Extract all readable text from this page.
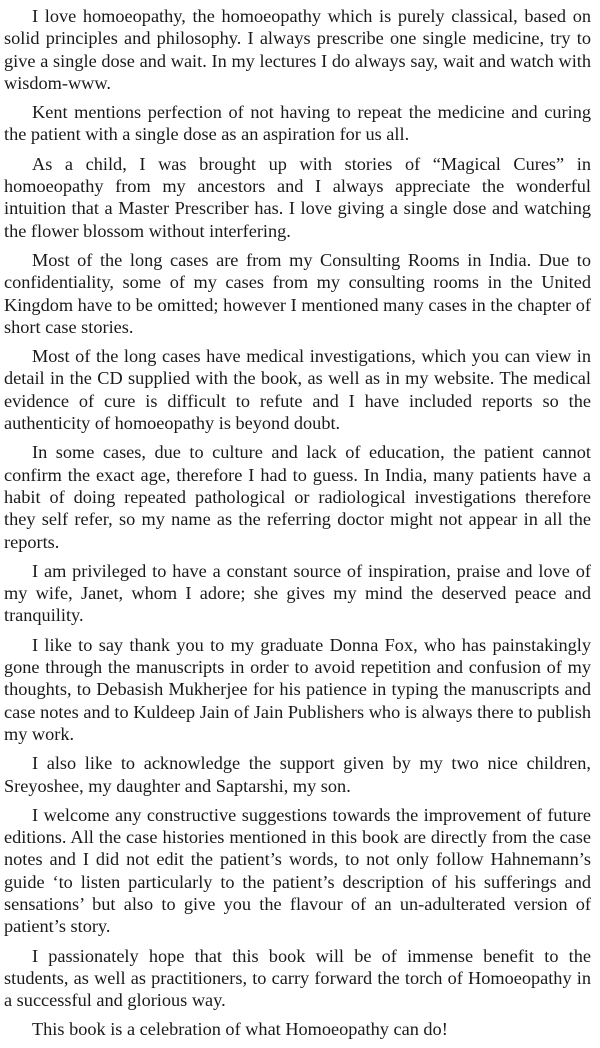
I love homoeopathy, the homoeopathy which is purely classical, based on solid principles and philosophy. I always prescribe one single medicine, try to give a single dose and wait. In my lectures I do always say, wait and watch with wisdom-www.

Kent mentions perfection of not having to repeat the medicine and curing the patient with a single dose as an aspiration for us all.

As a child, I was brought up with stories of “Magical Cures” in homoeopathy from my ancestors and I always appreciate the wonderful intuition that a Master Prescriber has. I love giving a single dose and watching the flower blossom without interfering.

Most of the long cases are from my Consulting Rooms in India. Due to confidentiality, some of my cases from my consulting rooms in the United Kingdom have to be omitted; however I mentioned many cases in the chapter of short case stories.

Most of the long cases have medical investigations, which you can view in detail in the CD supplied with the book, as well as in my website. The medical evidence of cure is difficult to refute and I have included reports so the authenticity of homoeopathy is beyond doubt.

In some cases, due to culture and lack of education, the patient cannot confirm the exact age, therefore I had to guess. In India, many patients have a habit of doing repeated pathological or radiological investigations therefore they self refer, so my name as the referring doctor might not appear in all the reports.

I am privileged to have a constant source of inspiration, praise and love of my wife, Janet, whom I adore; she gives my mind the deserved peace and tranquility.

I like to say thank you to my graduate Donna Fox, who has painstakingly gone through the manuscripts in order to avoid repetition and confusion of my thoughts, to Debasish Mukherjee for his patience in typing the manuscripts and case notes and to Kuldeep Jain of Jain Publishers who is always there to publish my work.

I also like to acknowledge the support given by my two nice children, Sreyoshee, my daughter and Saptarshi, my son.

I welcome any constructive suggestions towards the improvement of future editions. All the case histories mentioned in this book are directly from the case notes and I did not edit the patient’s words, to not only follow Hahnemann’s guide ‘to listen particularly to the patient’s description of his sufferings and sensations’ but also to give you the flavour of an un-adulterated version of patient’s story.

I passionately hope that this book will be of immense benefit to the students, as well as practitioners, to carry forward the torch of Homoeopathy in a successful and glorious way.

This book is a celebration of what Homoeopathy can do!
